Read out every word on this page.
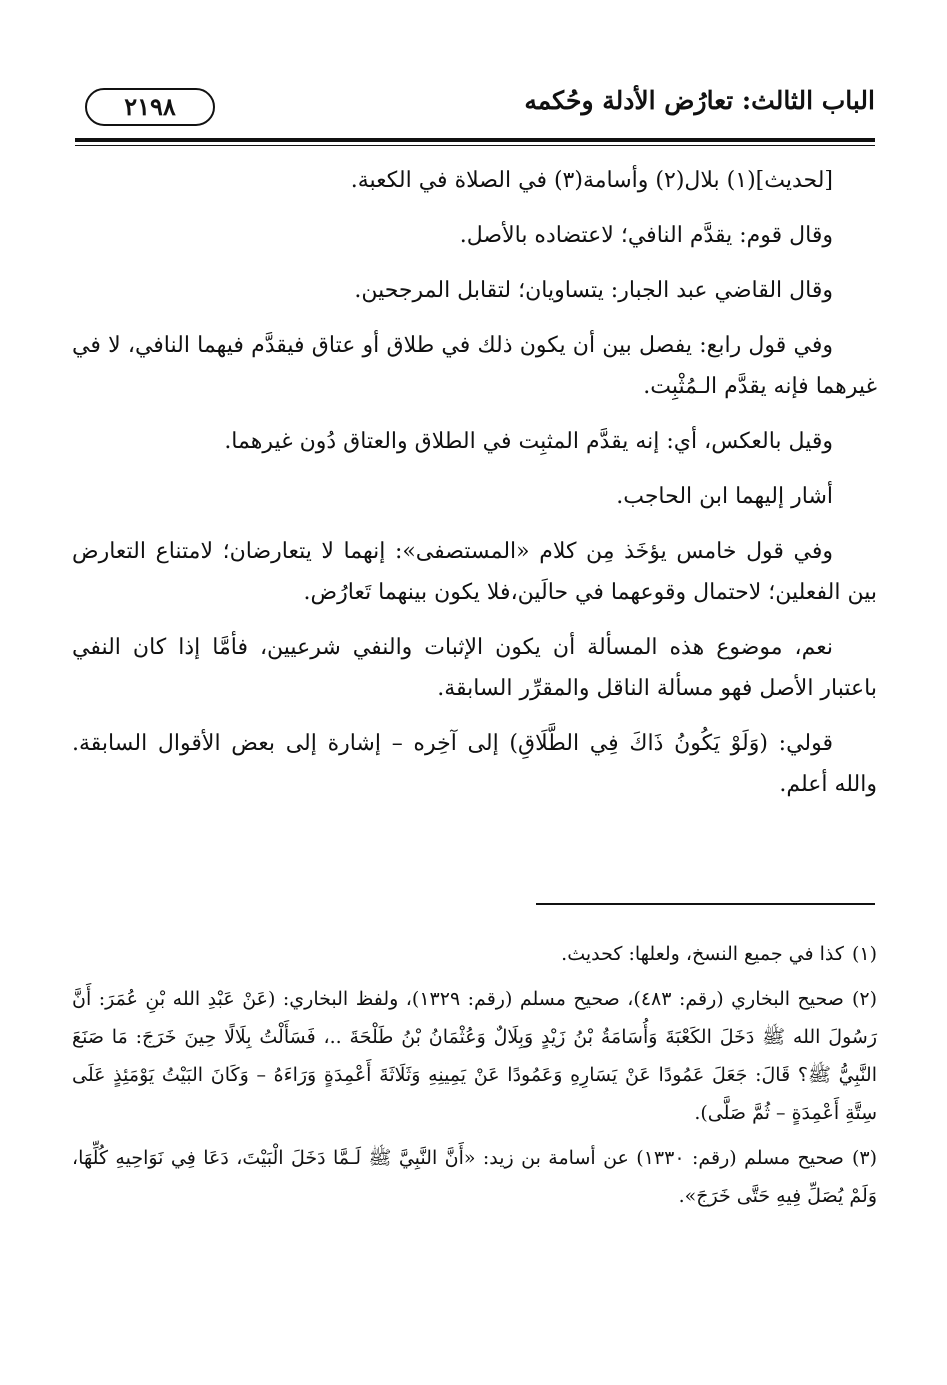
الباب الثالث: تعارُض الأدلة وحُكمه
٢١٩٨

[لحديث](١) بلال(٢) وأسامة(٣) في الصلاة في الكعبة.

وقال قوم: يقدَّم النافي؛ لاعتضاده بالأصل.

وقال القاضي عبد الجبار: يتساويان؛ لتقابل المرجحين.

وفي قول رابع: يفصل بين أن يكون ذلك في طلاق أو عتاق فيقدَّم فيهما النافي، لا في غيرهما فإنه يقدَّم الـمُثْبِت.

وقيل بالعكس، أي: إنه يقدَّم المثبِت في الطلاق والعتاق دُون غيرهما.

أشار إليهما ابن الحاجب.

وفي قول خامس يؤخَذ مِن كلام «المستصفى»: إنهما لا يتعارضان؛ لامتناع التعارض بين الفعلين؛ لاحتمال وقوعهما في حالَين،فلا يكون بينهما تَعارُض.

نعم، موضوع هذه المسألة أن يكون الإثبات والنفي شرعيين، فأمَّا إذا كان النفي باعتبار الأصل فهو مسألة الناقل والمقرِّر السابقة.

قولي: (وَلَوْ يَكُونُ ذَاكَ فِي الطَّلَاقِ) إلى آخِره – إشارة إلى بعض الأقوال السابقة. والله أعلم.

(١)كذا في جميع النسخ، ولعلها: كحديث.
(٢)صحيح البخاري (رقم: ٤٨٣)، صحيح مسلم (رقم: ١٣٢٩)، ولفظ البخاري: (عَنْ عَبْدِ الله بْنِ عُمَرَ: أَنَّ رَسُولَ الله ﷺ دَخَلَ الكَعْبَةَ وَأُسَامَةُ بْنُ زَيْدٍ وَبِلَالٌ وَعُثْمَانُ بْنُ طَلْحَةَ ..، فَسَأَلْتُ بِلَالًا حِينَ خَرَجَ: مَا صَنَعَ النَّبِيُّ ﷺ؟ قَالَ: جَعَلَ عَمُودًا عَنْ يَسَارِهِ وَعَمُودًا عَنْ يَمِينِهِ وَثَلَاثَةَ أَعْمِدَةٍ وَرَاءَهُ – وَكَانَ البَيْتُ يَوْمَئِذٍ عَلَى سِتَّةِ أَعْمِدَةٍ – ثُمَّ صَلَّى).
(٣)صحيح مسلم (رقم: ١٣٣٠) عن أسامة بن زيد: «أَنَّ النَّبِيَّ ﷺ لَـمَّا دَخَلَ الْبَيْتَ، دَعَا فِي نَوَاحِيهِ كُلِّهَا، وَلَمْ يُصَلِّ فِيهِ حَتَّى خَرَجَ».
